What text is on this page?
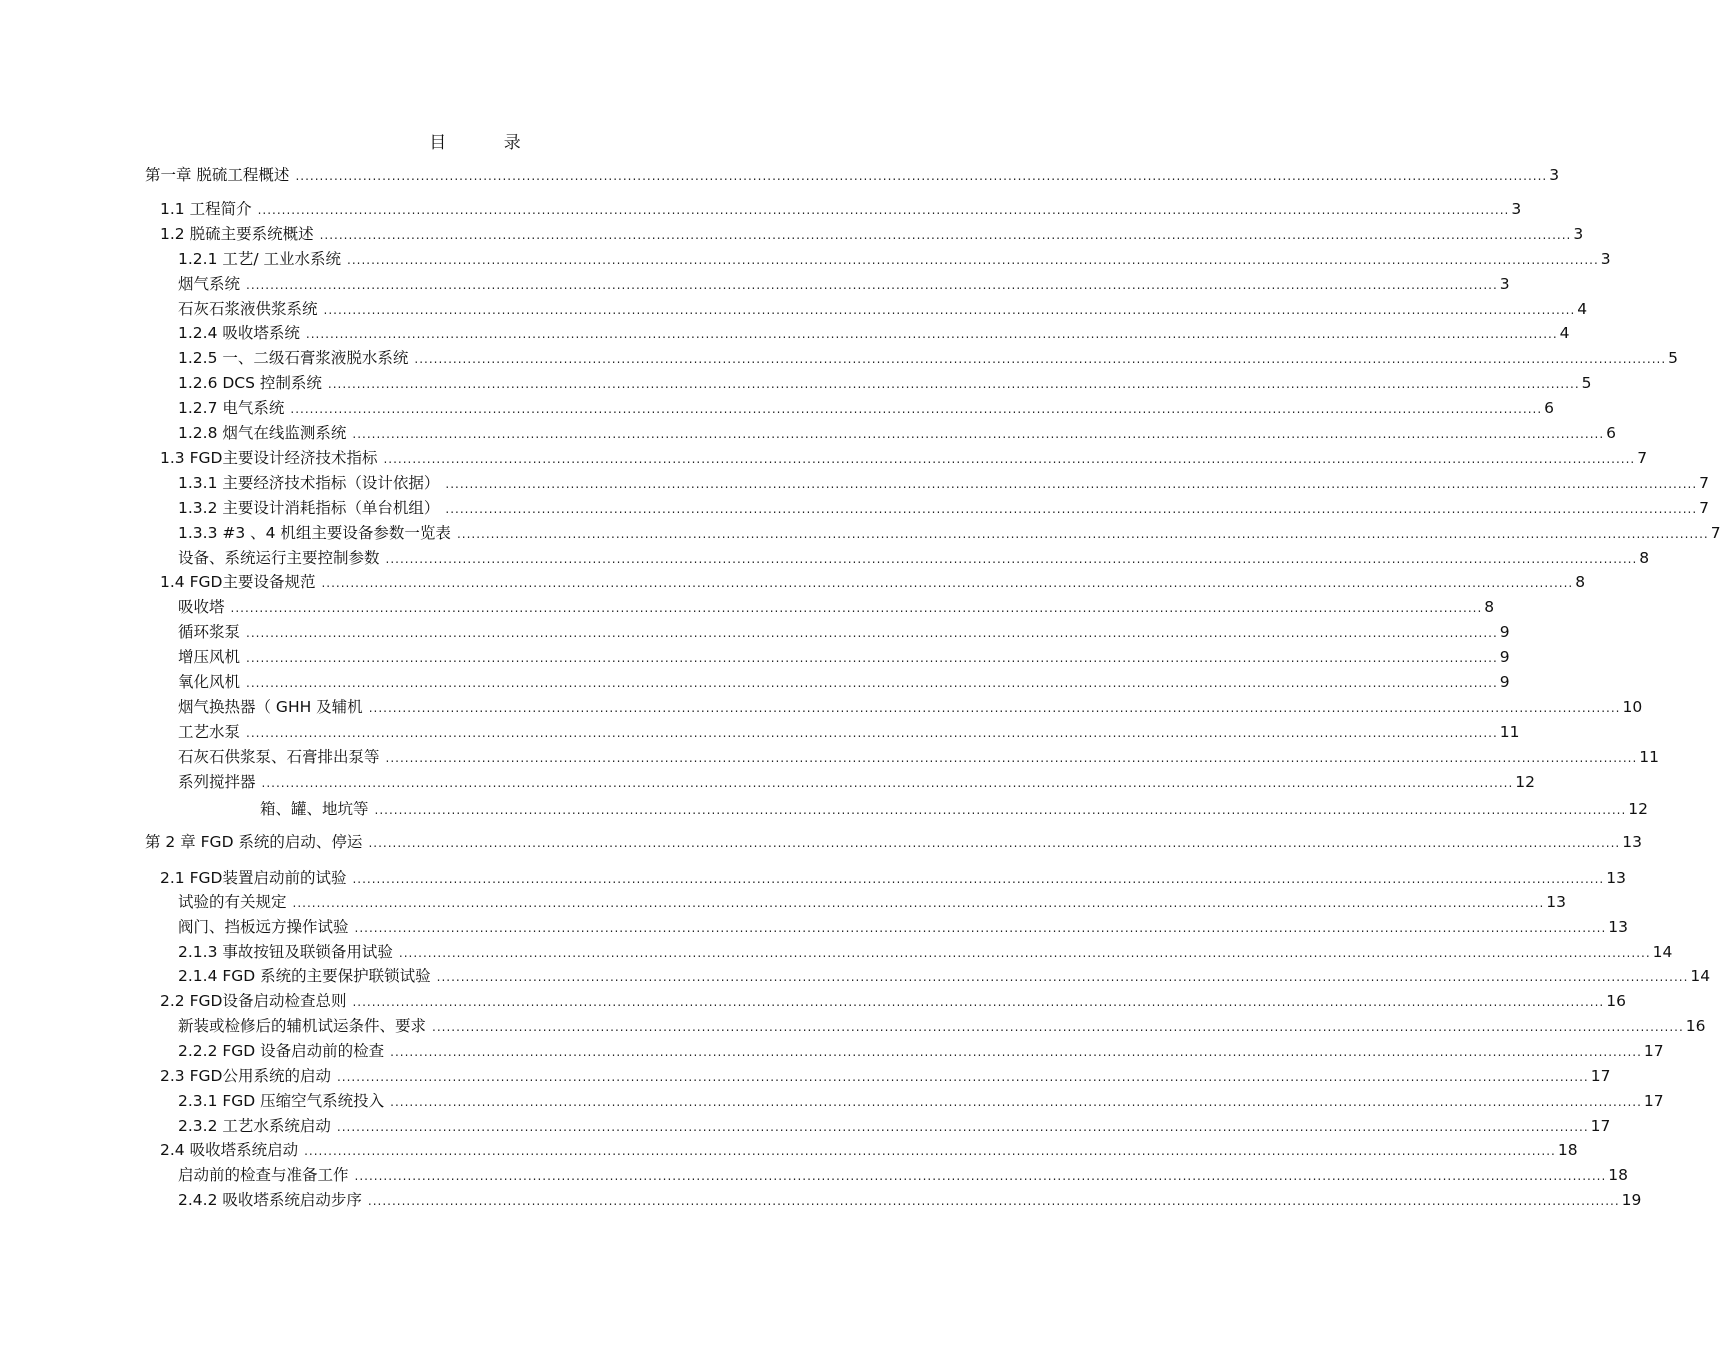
目 录
第一章 脱硫工程概述 .................................................................................................................................................................................................................................................................... 3
1.1 工程简介 .................................................................................................................................................................................................................................................................... 3
1.2 脱硫主要系统概述 .................................................................................................................................................................................................................................................................... 3
1.2.1 工艺/ 工业水系统 .................................................................................................................................................................................................................................................................... 3
烟气系统 .................................................................................................................................................................................................................................................................... 3
石灰石浆液供浆系统 .................................................................................................................................................................................................................................................................... 4
1.2.4 吸收塔系统 .................................................................................................................................................................................................................................................................... 4
1.2.5 一、二级石膏浆液脱水系统 .................................................................................................................................................................................................................................................................... 5
1.2.6 DCS 控制系统 .................................................................................................................................................................................................................................................................... 5
1.2.7 电气系统 .................................................................................................................................................................................................................................................................... 6
1.2.8 烟气在线监测系统 .................................................................................................................................................................................................................................................................... 6
1.3 FGD主要设计经济技术指标 .................................................................................................................................................................................................................................................................... 7
1.3.1 主要经济技术指标（设计依据） .................................................................................................................................................................................................................................................................... 7
1.3.2 主要设计消耗指标（单台机组） .................................................................................................................................................................................................................................................................... 7
1.3.3 #3 、4 机组主要设备参数一览表 .................................................................................................................................................................................................................................................................... 7
设备、系统运行主要控制参数 .................................................................................................................................................................................................................................................................... 8
1.4 FGD主要设备规范 .................................................................................................................................................................................................................................................................... 8
吸收塔 .................................................................................................................................................................................................................................................................... 8
循环浆泵 .................................................................................................................................................................................................................................................................... 9
增压风机 .................................................................................................................................................................................................................................................................... 9
氧化风机 .................................................................................................................................................................................................................................................................... 9
烟气换热器（ GHH 及辅机 .................................................................................................................................................................................................................................................................... 10
工艺水泵 .................................................................................................................................................................................................................................................................... 11
石灰石供浆泵、石膏排出泵等 .................................................................................................................................................................................................................................................................... 11
系列搅拌器 .................................................................................................................................................................................................................................................................... 12
箱、罐、地坑等 .................................................................................................................................................................................................................................................................... 12
第 2 章 FGD 系统的启动、停运 .................................................................................................................................................................................................................................................................... 13
2.1 FGD装置启动前的试验 .................................................................................................................................................................................................................................................................... 13
试验的有关规定 .................................................................................................................................................................................................................................................................... 13
阀门、挡板远方操作试验 .................................................................................................................................................................................................................................................................... 13
2.1.3 事故按钮及联锁备用试验 .................................................................................................................................................................................................................................................................... 14
2.1.4 FGD 系统的主要保护联锁试验 .................................................................................................................................................................................................................................................................... 14
2.2 FGD设备启动检查总则 .................................................................................................................................................................................................................................................................... 16
新装或检修后的辅机试运条件、要求 .................................................................................................................................................................................................................................................................... 16
2.2.2 FGD 设备启动前的检查 .................................................................................................................................................................................................................................................................... 17
2.3 FGD公用系统的启动 .................................................................................................................................................................................................................................................................... 17
2.3.1 FGD 压缩空气系统投入 .................................................................................................................................................................................................................................................................... 17
2.3.2 工艺水系统启动 .................................................................................................................................................................................................................................................................... 17
2.4 吸收塔系统启动 .................................................................................................................................................................................................................................................................... 18
启动前的检查与准备工作 .................................................................................................................................................................................................................................................................... 18
2.4.2 吸收塔系统启动步序 .................................................................................................................................................................................................................................................................... 19
